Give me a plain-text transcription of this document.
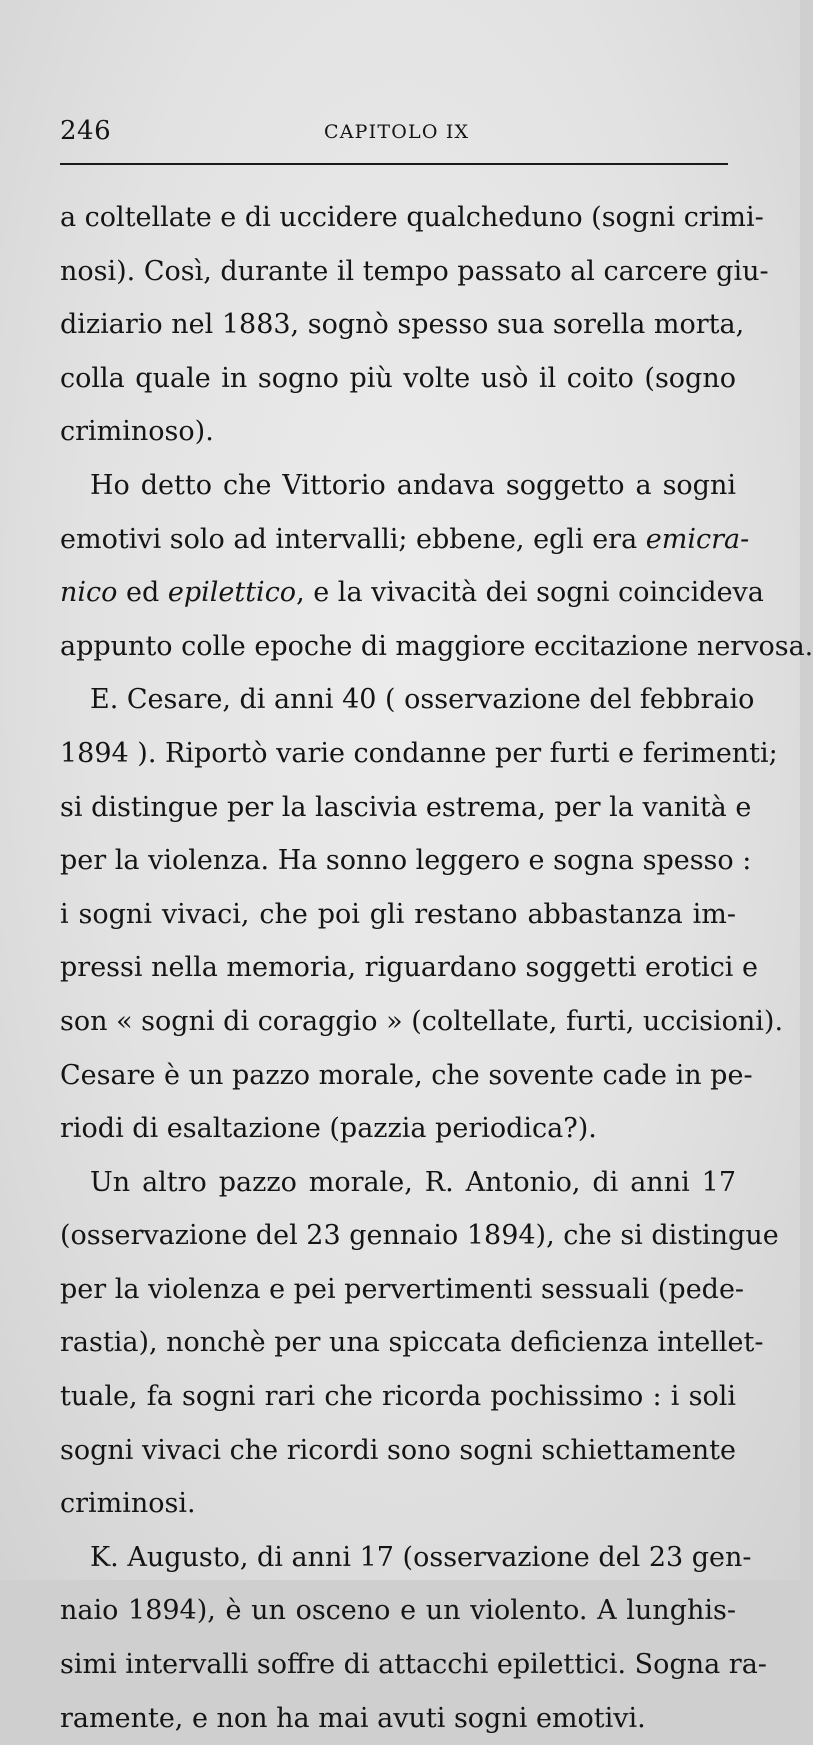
246	CAPITOLO IX
a coltellate e di uccidere qualcheduno (sogni crimi-
nosi). Così, durante il tempo passato al carcere giu-
diziario nel 1883, sognò spesso sua sorella morta,
colla quale in sogno più volte usò il coito (sogno
criminoso).
Ho detto che Vittorio andava soggetto a sogni
emotivi solo ad intervalli; ebbene, egli era emicra-
nico ed epilettico, e la vivacità dei sogni coincideva
appunto colle epoche di maggiore eccitazione nervosa.
E. Cesare, di anni 40 ( osservazione del febbraio
1894 ). Riportò varie condanne per furti e ferimenti;
si distingue per la lascivia estrema, per la vanità e
per la violenza. Ha sonno leggero e sogna spesso :
i sogni vivaci, che poi gli restano abbastanza im-
pressi nella memoria, riguardano soggetti erotici e
son « sogni di coraggio » (coltellate, furti, uccisioni).
Cesare è un pazzo morale, che sovente cade in pe-
riodi di esaltazione (pazzia periodica?).
Un altro pazzo morale, R. Antonio, di anni 17
(osservazione del 23 gennaio 1894), che si distingue
per la violenza e pei pervertimenti sessuali (pede-
rastia), nonchè per una spiccata deficienza intellet-
tuale, fa sogni rari che ricorda pochissimo : i soli
sogni vivaci che ricordi sono sogni schiettamente
criminosi.
K. Augusto, di anni 17 (osservazione del 23 gen-
naio 1894), è un osceno e un violento. A lunghis-
simi intervalli soffre di attacchi epilettici. Sogna ra-
ramente, e non ha mai avuti sogni emotivi.
